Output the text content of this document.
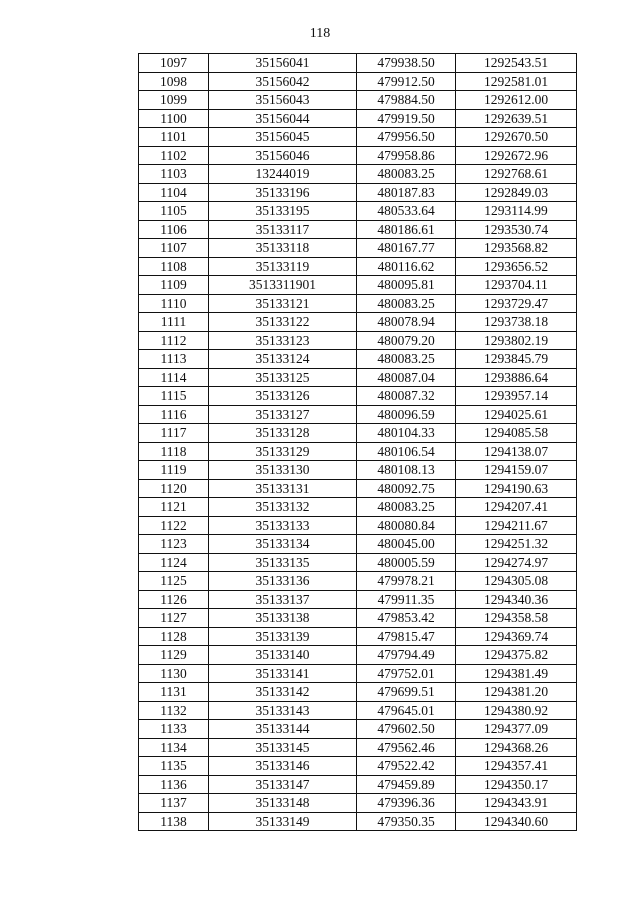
118
1097	35156041	479938.50	1292543.51
1098	35156042	479912.50	1292581.01
1099	35156043	479884.50	1292612.00
1100	35156044	479919.50	1292639.51
1101	35156045	479956.50	1292670.50
1102	35156046	479958.86	1292672.96
1103	13244019	480083.25	1292768.61
1104	35133196	480187.83	1292849.03
1105	35133195	480533.64	1293114.99
1106	35133117	480186.61	1293530.74
1107	35133118	480167.77	1293568.82
1108	35133119	480116.62	1293656.52
1109	3513311901	480095.81	1293704.11
1110	35133121	480083.25	1293729.47
1111	35133122	480078.94	1293738.18
1112	35133123	480079.20	1293802.19
1113	35133124	480083.25	1293845.79
1114	35133125	480087.04	1293886.64
1115	35133126	480087.32	1293957.14
1116	35133127	480096.59	1294025.61
1117	35133128	480104.33	1294085.58
1118	35133129	480106.54	1294138.07
1119	35133130	480108.13	1294159.07
1120	35133131	480092.75	1294190.63
1121	35133132	480083.25	1294207.41
1122	35133133	480080.84	1294211.67
1123	35133134	480045.00	1294251.32
1124	35133135	480005.59	1294274.97
1125	35133136	479978.21	1294305.08
1126	35133137	479911.35	1294340.36
1127	35133138	479853.42	1294358.58
1128	35133139	479815.47	1294369.74
1129	35133140	479794.49	1294375.82
1130	35133141	479752.01	1294381.49
1131	35133142	479699.51	1294381.20
1132	35133143	479645.01	1294380.92
1133	35133144	479602.50	1294377.09
1134	35133145	479562.46	1294368.26
1135	35133146	479522.42	1294357.41
1136	35133147	479459.89	1294350.17
1137	35133148	479396.36	1294343.91
1138	35133149	479350.35	1294340.60
